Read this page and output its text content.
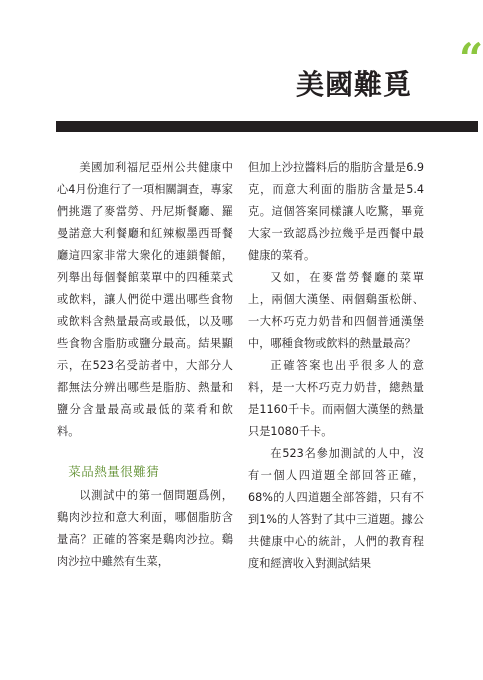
“
美國難覓

美國加利福尼亞州公共健康中心4月份進行了一項相關調查，專家們挑選了麥當勞、丹尼斯餐廳、羅曼諾意大利餐廳和紅辣椒墨西哥餐廳這四家非常大衆化的連鎖餐館，列舉出每個餐館菜單中的四種菜式或飲料，讓人們從中選出哪些食物或飲料含熱量最高或最低，以及哪些食物含脂肪或鹽分最高。結果顯示，在523名受訪者中，大部分人都無法分辨出哪些是脂肪、熱量和鹽分含量最高或最低的菜肴和飲料。

菜品熱量很難猜

以測試中的第一個問題爲例，鷄肉沙拉和意大利面，哪個脂肪含量高？正確的答案是鷄肉沙拉。鷄肉沙拉中雖然有生菜，

但加上沙拉醬料后的脂肪含量是6.9克，而意大利面的脂肪含量是5.4克。這個答案同樣讓人吃驚，畢竟大家一致認爲沙拉幾乎是西餐中最健康的菜肴。

又如，在麥當勞餐廳的菜單上，兩個大漢堡、兩個鷄蛋松餅、一大杯巧克力奶昔和四個普通漢堡中，哪種食物或飲料的熱量最高？

正確答案也出乎很多人的意料，是一大杯巧克力奶昔，總熱量是1160千卡。而兩個大漢堡的熱量只是1080千卡。

在523名參加測試的人中，沒有一個人四道題全部回答正確，68%的人四道題全部答錯，只有不到1%的人答對了其中三道題。據公共健康中心的統計，人們的教育程度和經濟收入對測試結果
